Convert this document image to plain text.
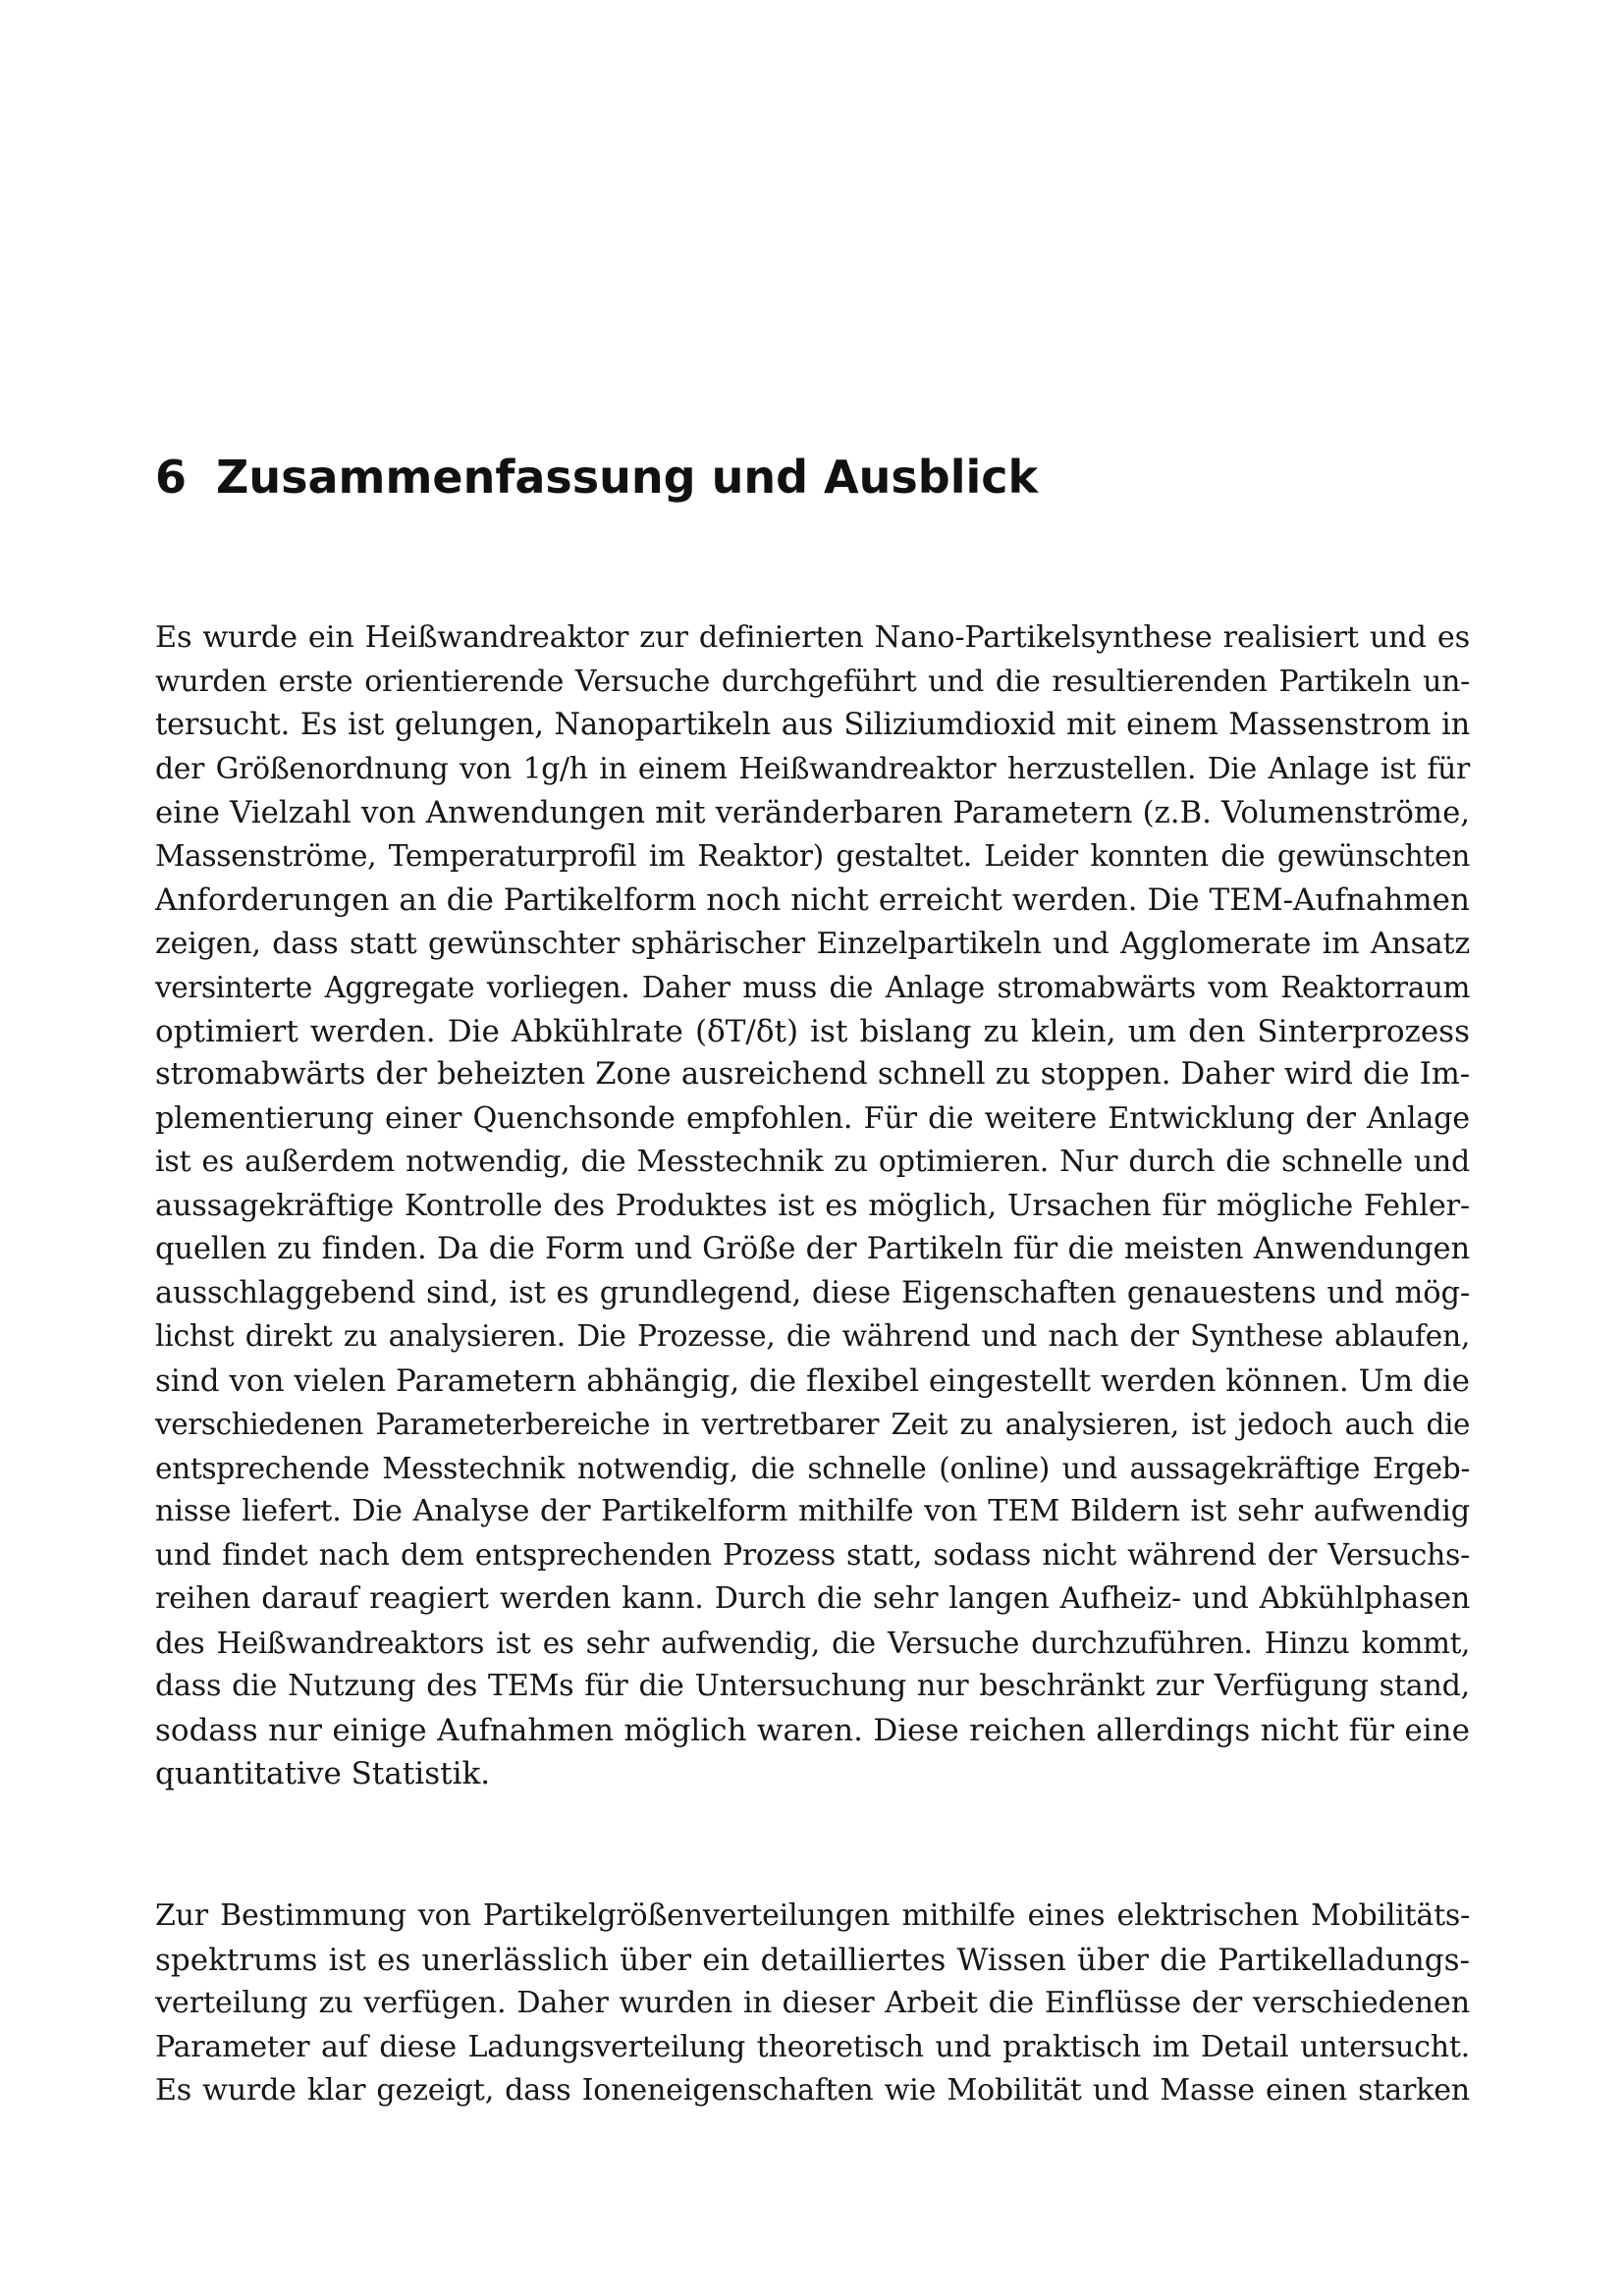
6 Zusammenfassung und Ausblick
Es wurde ein Heißwandreaktor zur definierten Nano-Partikelsynthese realisiert und es
wurden erste orientierende Versuche durchgeführt und die resultierenden Partikeln un-
tersucht. Es ist gelungen, Nanopartikeln aus Siliziumdioxid mit einem Massenstrom in
der Größenordnung von 1g/h in einem Heißwandreaktor herzustellen. Die Anlage ist für
eine Vielzahl von Anwendungen mit veränderbaren Parametern (z.B. Volumenströme,
Massenströme, Temperaturprofil im Reaktor) gestaltet. Leider konnten die gewünschten
Anforderungen an die Partikelform noch nicht erreicht werden. Die TEM-Aufnahmen
zeigen, dass statt gewünschter sphärischer Einzelpartikeln und Agglomerate im Ansatz
versinterte Aggregate vorliegen. Daher muss die Anlage stromabwärts vom Reaktorraum
optimiert werden. Die Abkühlrate (δT/δt) ist bislang zu klein, um den Sinterprozess
stromabwärts der beheizten Zone ausreichend schnell zu stoppen. Daher wird die Im-
plementierung einer Quenchsonde empfohlen. Für die weitere Entwicklung der Anlage
ist es außerdem notwendig, die Messtechnik zu optimieren. Nur durch die schnelle und
aussagekräftige Kontrolle des Produktes ist es möglich, Ursachen für mögliche Fehler-
quellen zu finden. Da die Form und Größe der Partikeln für die meisten Anwendungen
ausschlaggebend sind, ist es grundlegend, diese Eigenschaften genauestens und mög-
lichst direkt zu analysieren. Die Prozesse, die während und nach der Synthese ablaufen,
sind von vielen Parametern abhängig, die flexibel eingestellt werden können. Um die
verschiedenen Parameterbereiche in vertretbarer Zeit zu analysieren, ist jedoch auch die
entsprechende Messtechnik notwendig, die schnelle (online) und aussagekräftige Ergeb-
nisse liefert. Die Analyse der Partikelform mithilfe von TEM Bildern ist sehr aufwendig
und findet nach dem entsprechenden Prozess statt, sodass nicht während der Versuchs-
reihen darauf reagiert werden kann. Durch die sehr langen Aufheiz- und Abkühlphasen
des Heißwandreaktors ist es sehr aufwendig, die Versuche durchzuführen. Hinzu kommt,
dass die Nutzung des TEMs für die Untersuchung nur beschränkt zur Verfügung stand,
sodass nur einige Aufnahmen möglich waren. Diese reichen allerdings nicht für eine
quantitative Statistik.
Zur Bestimmung von Partikelgrößenverteilungen mithilfe eines elektrischen Mobilitäts-
spektrums ist es unerlässlich über ein detailliertes Wissen über die Partikelladungs-
verteilung zu verfügen. Daher wurden in dieser Arbeit die Einflüsse der verschiedenen
Parameter auf diese Ladungsverteilung theoretisch und praktisch im Detail untersucht.
Es wurde klar gezeigt, dass Ioneneigenschaften wie Mobilität und Masse einen starken
